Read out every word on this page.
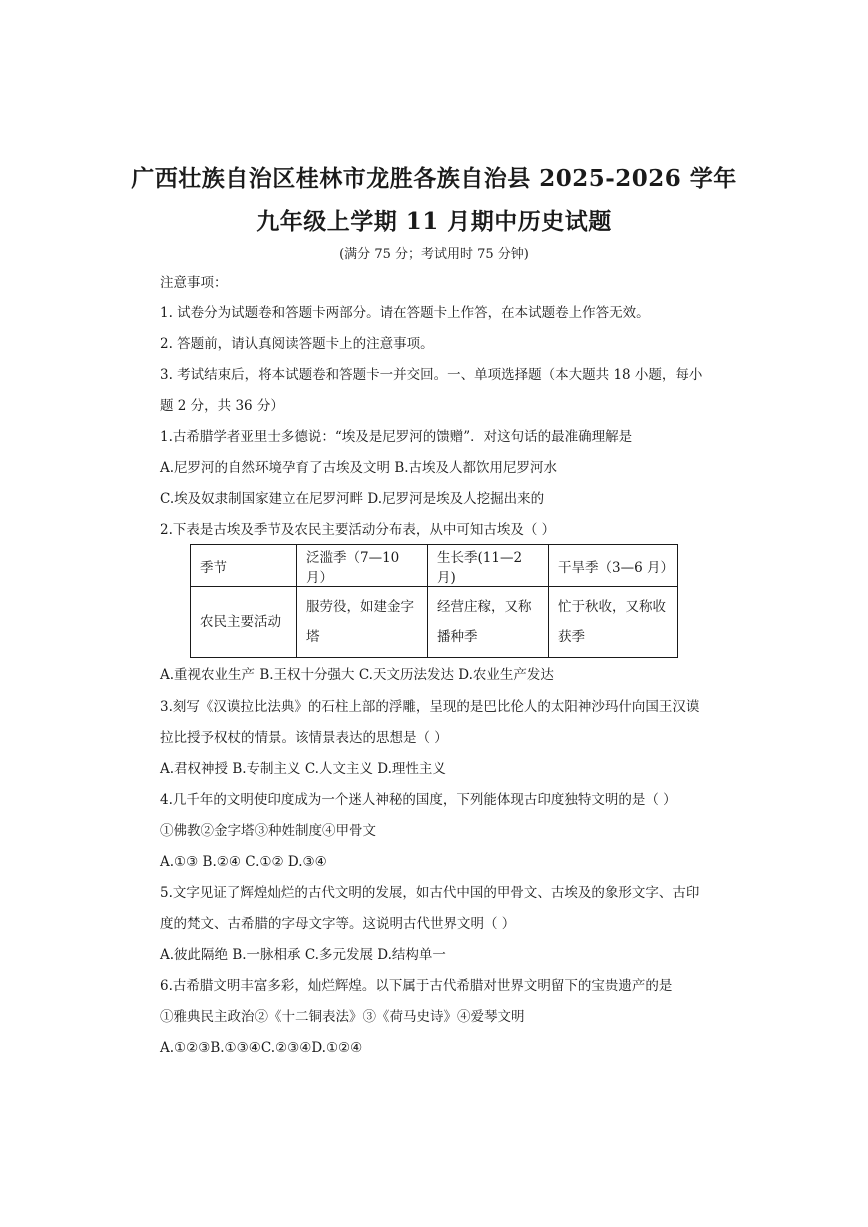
广西壮族自治区桂林市龙胜各族自治县 2025-2026 学年
九年级上学期 11 月期中历史试题
(满分 75 分；考试用时 75 分钟)
注意事项：
1. 试卷分为试题卷和答题卡两部分。请在答题卡上作答，在本试题卷上作答无效。
2. 答题前，请认真阅读答题卡上的注意事项。
3. 考试结束后，将本试题卷和答题卡一并交回。一、单项选择题（本大题共 18 小题，每小
题 2 分，共 36 分）
1.古希腊学者亚里士多德说：“埃及是尼罗河的馈赠”．对这句话的最准确理解是
A.尼罗河的自然环境孕育了古埃及文明 B.古埃及人都饮用尼罗河水
C.埃及奴隶制国家建立在尼罗河畔 D.尼罗河是埃及人挖掘出来的
2.下表是古埃及季节及农民主要活动分布表，从中可知古埃及（ ）
季节	泛滥季（7—10 月）	生长季(11—2 月)	干旱季（3—6 月）
农民主要活动	服劳役，如建金字塔	经营庄稼，又称播种季	忙于秋收，又称收获季
A.重视农业生产 B.王权十分强大 C.天文历法发达 D.农业生产发达
3.刻写《汉谟拉比法典》的石柱上部的浮雕，呈现的是巴比伦人的太阳神沙玛什向国王汉谟
拉比授予权杖的情景。该情景表达的思想是（ ）
A.君权神授 B.专制主义 C.人文主义 D.理性主义
4.几千年的文明使印度成为一个迷人神秘的国度，下列能体现古印度独特文明的是（ ）
①佛教②金字塔③种姓制度④甲骨文
A.①③ B.②④ C.①② D.③④
5.文字见证了辉煌灿烂的古代文明的发展，如古代中国的甲骨文、古埃及的象形文字、古印
度的梵文、古希腊的字母文字等。这说明古代世界文明（ ）
A.彼此隔绝 B.一脉相承 C.多元发展 D.结构单一
6.古希腊文明丰富多彩，灿烂辉煌。以下属于古代希腊对世界文明留下的宝贵遗产的是
①雅典民主政治②《十二铜表法》③《荷马史诗》④爱琴文明
A.①②③B.①③④C.②③④D.①②④
